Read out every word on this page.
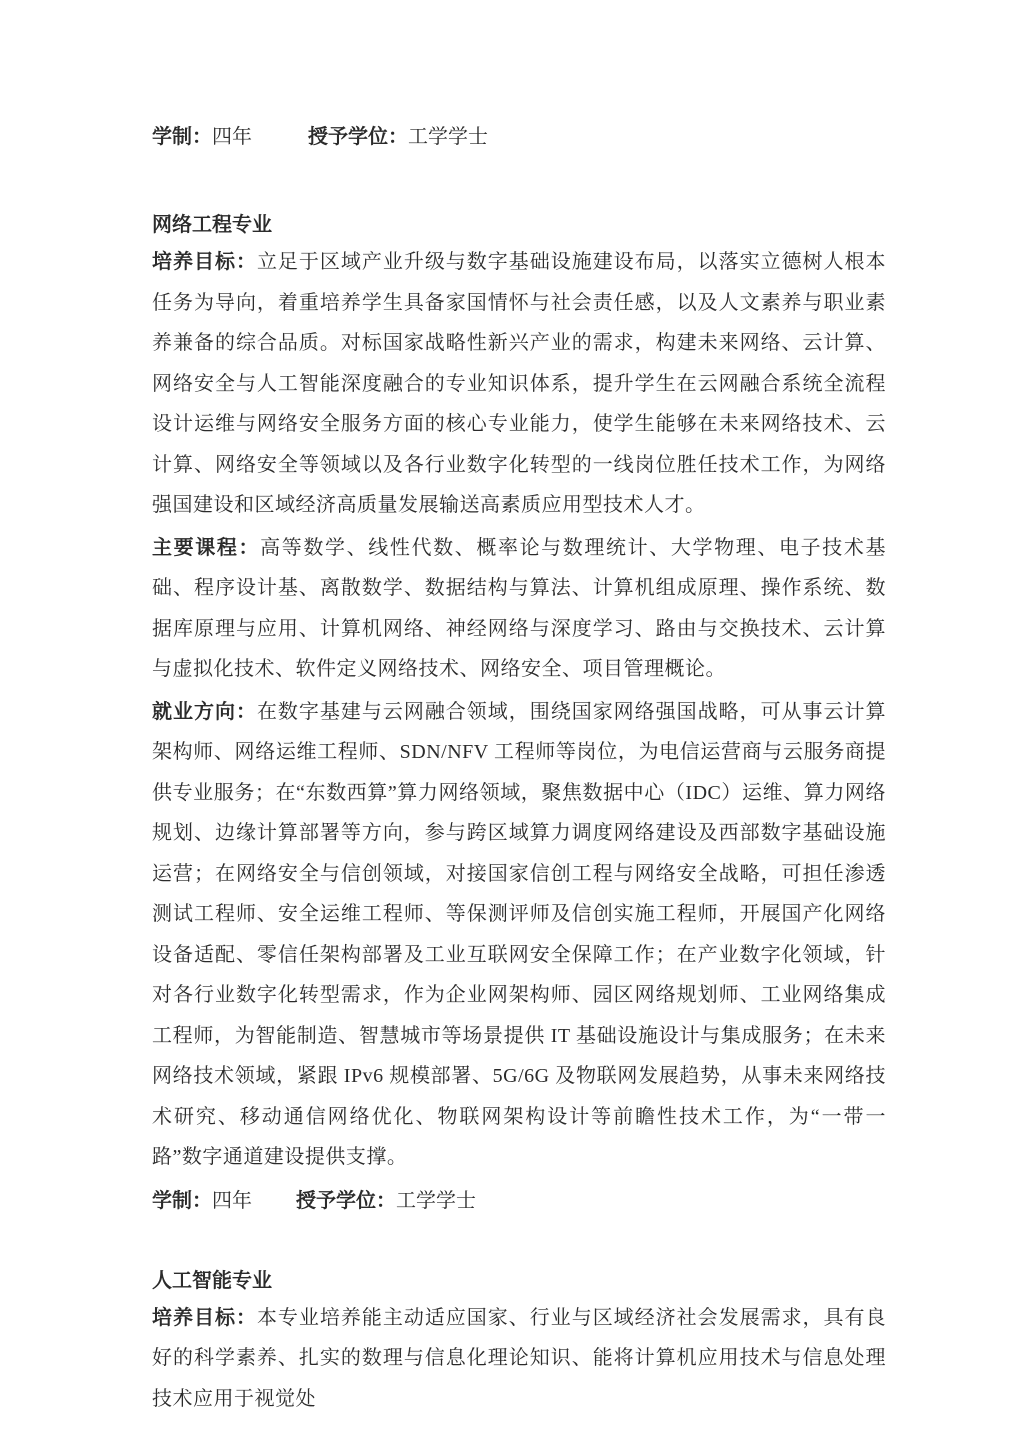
学制：四年	授予学位：工学学士
网络工程专业

培养目标：立足于区域产业升级与数字基础设施建设布局，以落实立德树人根本任务为导向，着重培养学生具备家国情怀与社会责任感，以及人文素养与职业素养兼备的综合品质。对标国家战略性新兴产业的需求，构建未来网络、云计算、网络安全与人工智能深度融合的专业知识体系，提升学生在云网融合系统全流程设计运维与网络安全服务方面的核心专业能力，使学生能够在未来网络技术、云计算、网络安全等领域以及各行业数字化转型的一线岗位胜任技术工作，为网络强国建设和区域经济高质量发展输送高素质应用型技术人才。

主要课程：高等数学、线性代数、概率论与数理统计、大学物理、电子技术基础、程序设计基、离散数学、数据结构与算法、计算机组成原理、操作系统、数据库原理与应用、计算机网络、神经网络与深度学习、路由与交换技术、云计算与虚拟化技术、软件定义网络技术、网络安全、项目管理概论。

就业方向：在数字基建与云网融合领域，围绕国家网络强国战略，可从事云计算架构师、网络运维工程师、SDN/NFV 工程师等岗位，为电信运营商与云服务商提供专业服务；在“东数西算”算力网络领域，聚焦数据中心（IDC）运维、算力网络规划、边缘计算部署等方向，参与跨区域算力调度网络建设及西部数字基础设施运营；在网络安全与信创领域，对接国家信创工程与网络安全战略，可担任渗透测试工程师、安全运维工程师、等保测评师及信创实施工程师，开展国产化网络设备适配、零信任架构部署及工业互联网安全保障工作；在产业数字化领域，针对各行业数字化转型需求，作为企业网架构师、园区网络规划师、工业网络集成工程师，为智能制造、智慧城市等场景提供 IT 基础设施设计与集成服务；在未来网络技术领域，紧跟 IPv6 规模部署、5G/6G 及物联网发展趋势，从事未来网络技术研究、移动通信网络优化、物联网架构设计等前瞻性技术工作，为“一带一路”数字通道建设提供支撑。

学制：四年 授予学位：工学学士
人工智能专业

培养目标：本专业培养能主动适应国家、行业与区域经济社会发展需求，具有良好的科学素养、扎实的数理与信息化理论知识、能将计算机应用技术与信息处理技术应用于视觉处
